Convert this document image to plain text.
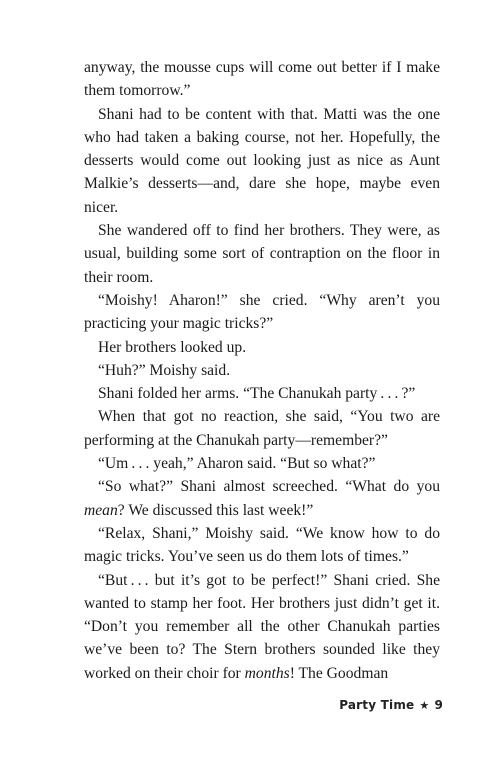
anyway, the mousse cups will come out better if I make them tomorrow.”

Shani had to be content with that. Matti was the one who had taken a baking course, not her. Hopefully, the desserts would come out looking just as nice as Aunt Malkie’s desserts—and, dare she hope, maybe even nicer.

She wandered off to find her brothers. They were, as usual, building some sort of contraption on the floor in their room.

“Moishy! Aharon!” she cried. “Why aren’t you practicing your magic tricks?”

Her brothers looked up.

“Huh?” Moishy said.

Shani folded her arms. “The Chanukah party . . . ?”

When that got no reaction, she said, “You two are performing at the Chanukah party—remember?”

“Um . . . yeah,” Aharon said. “But so what?”

“So what?” Shani almost screeched. “What do you mean? We discussed this last week!”

“Relax, Shani,” Moishy said. “We know how to do magic tricks. You’ve seen us do them lots of times.”

“But . . . but it’s got to be perfect!” Shani cried. She wanted to stamp her foot. Her brothers just didn’t get it. “Don’t you remember all the other Chanukah parties we’ve been to? The Stern brothers sounded like they worked on their choir for months! The Goodman

Party Time ★ 9
